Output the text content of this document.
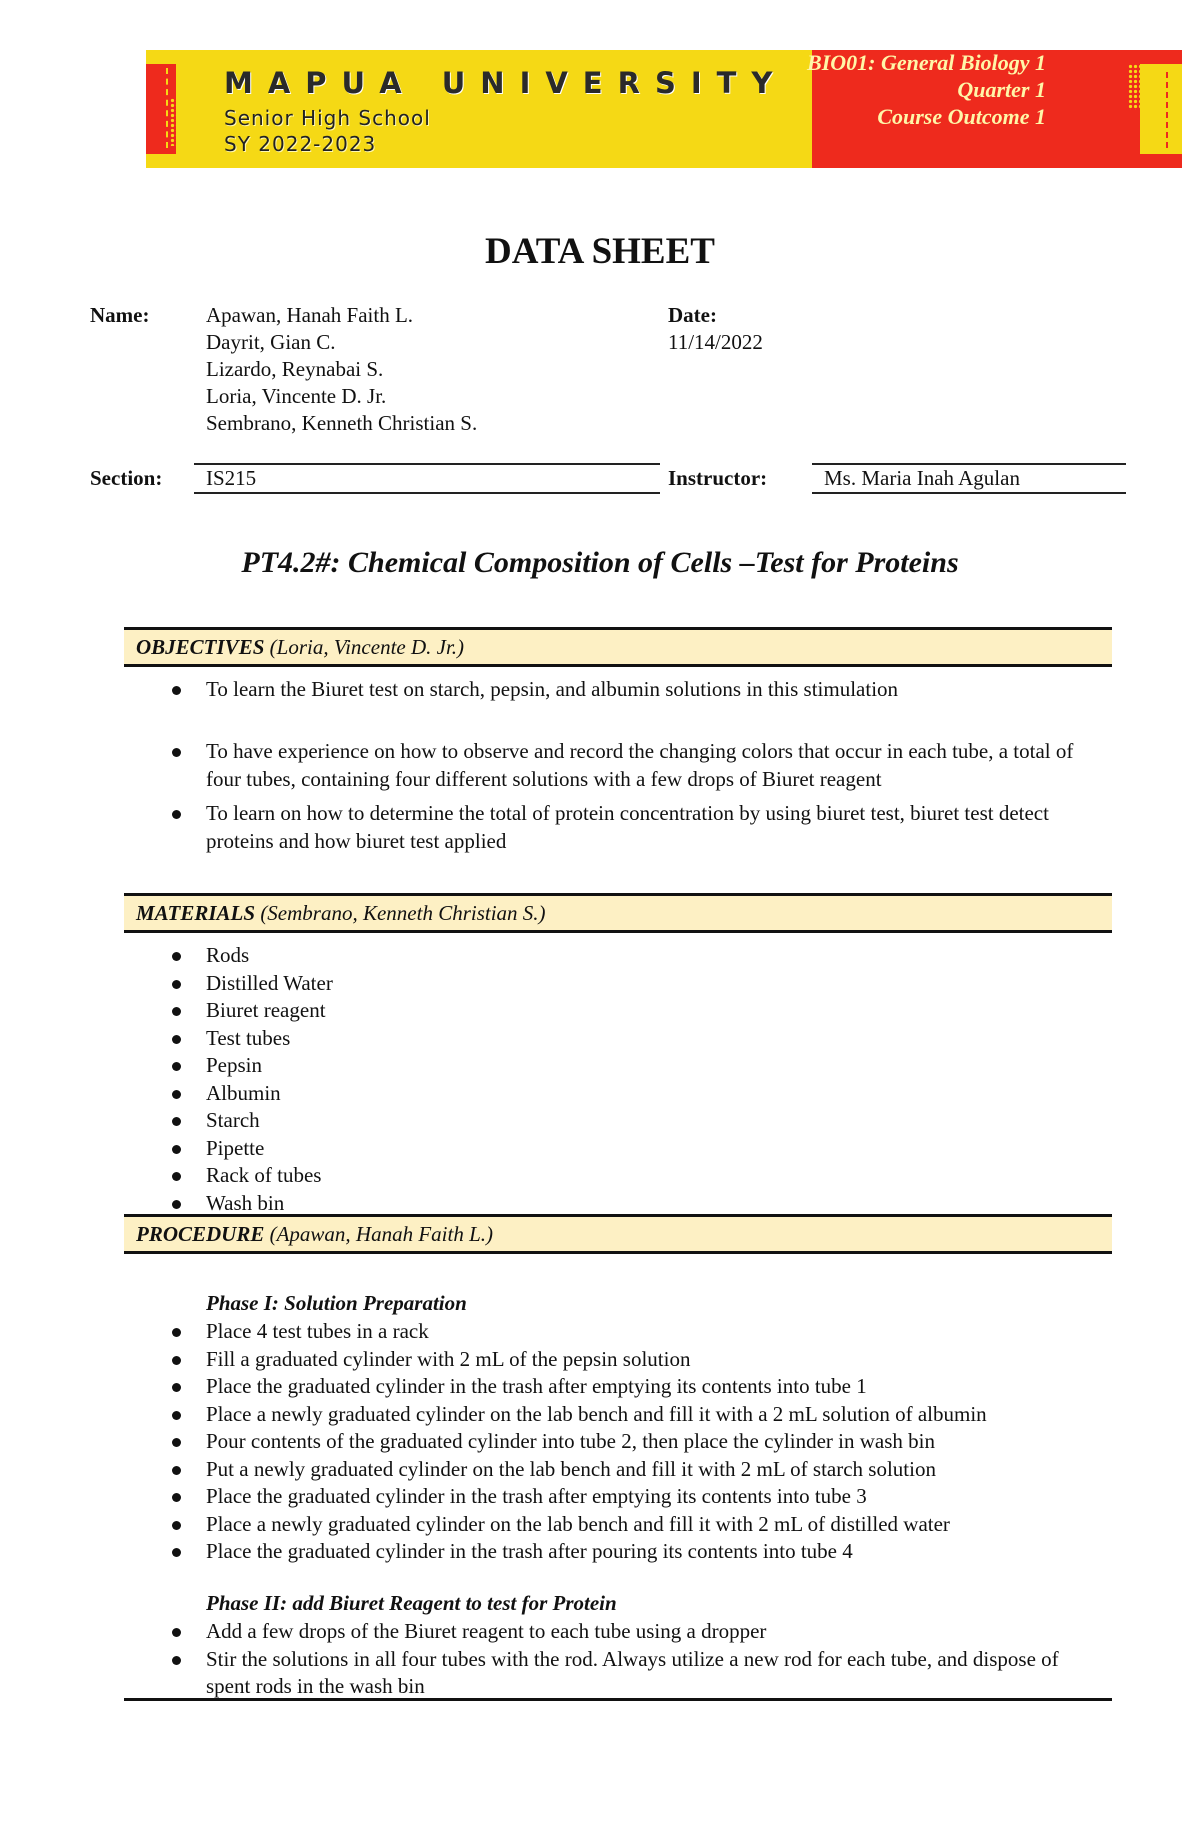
MAPUA UNIVERSITY
Senior High School
SY 2022-2023
BIO01: General Biology 1
Quarter 1
Course Outcome 1
DATA SHEET
Name:	Apawan, Hanah Faith L.
Dayrit, Gian C.
Lizardo, Reynabai S.
Loria, Vincente D. Jr.
Sembrano, Kenneth Christian S.
Date:
11/14/2022
Section:	IS215	Instructor:	Ms. Maria Inah Agulan
PT4.2#: Chemical Composition of Cells –Test for Proteins
OBJECTIVES (Loria, Vincente D. Jr.)
To learn the Biuret test on starch, pepsin, and albumin solutions in this stimulation
To have experience on how to observe and record the changing colors that occur in each tube, a total of four tubes, containing four different solutions with a few drops of Biuret reagent
To learn on how to determine the total of protein concentration by using biuret test, biuret test detect proteins and how biuret test applied
MATERIALS (Sembrano, Kenneth Christian S.)
Rods
Distilled Water
Biuret reagent
Test tubes
Pepsin
Albumin
Starch
Pipette
Rack of tubes
Wash bin
PROCEDURE (Apawan, Hanah Faith L.)
Phase I: Solution Preparation
Place 4 test tubes in a rack
Fill a graduated cylinder with 2 mL of the pepsin solution
Place the graduated cylinder in the trash after emptying its contents into tube 1
Place a newly graduated cylinder on the lab bench and fill it with a 2 mL solution of albumin
Pour contents of the graduated cylinder into tube 2, then place the cylinder in wash bin
Put a newly graduated cylinder on the lab bench and fill it with 2 mL of starch solution
Place the graduated cylinder in the trash after emptying its contents into tube 3
Place a newly graduated cylinder on the lab bench and fill it with 2 mL of distilled water
Place the graduated cylinder in the trash after pouring its contents into tube 4
Phase II: add Biuret Reagent to test for Protein
Add a few drops of the Biuret reagent to each tube using a dropper
Stir the solutions in all four tubes with the rod. Always utilize a new rod for each tube, and dispose of spent rods in the wash bin
